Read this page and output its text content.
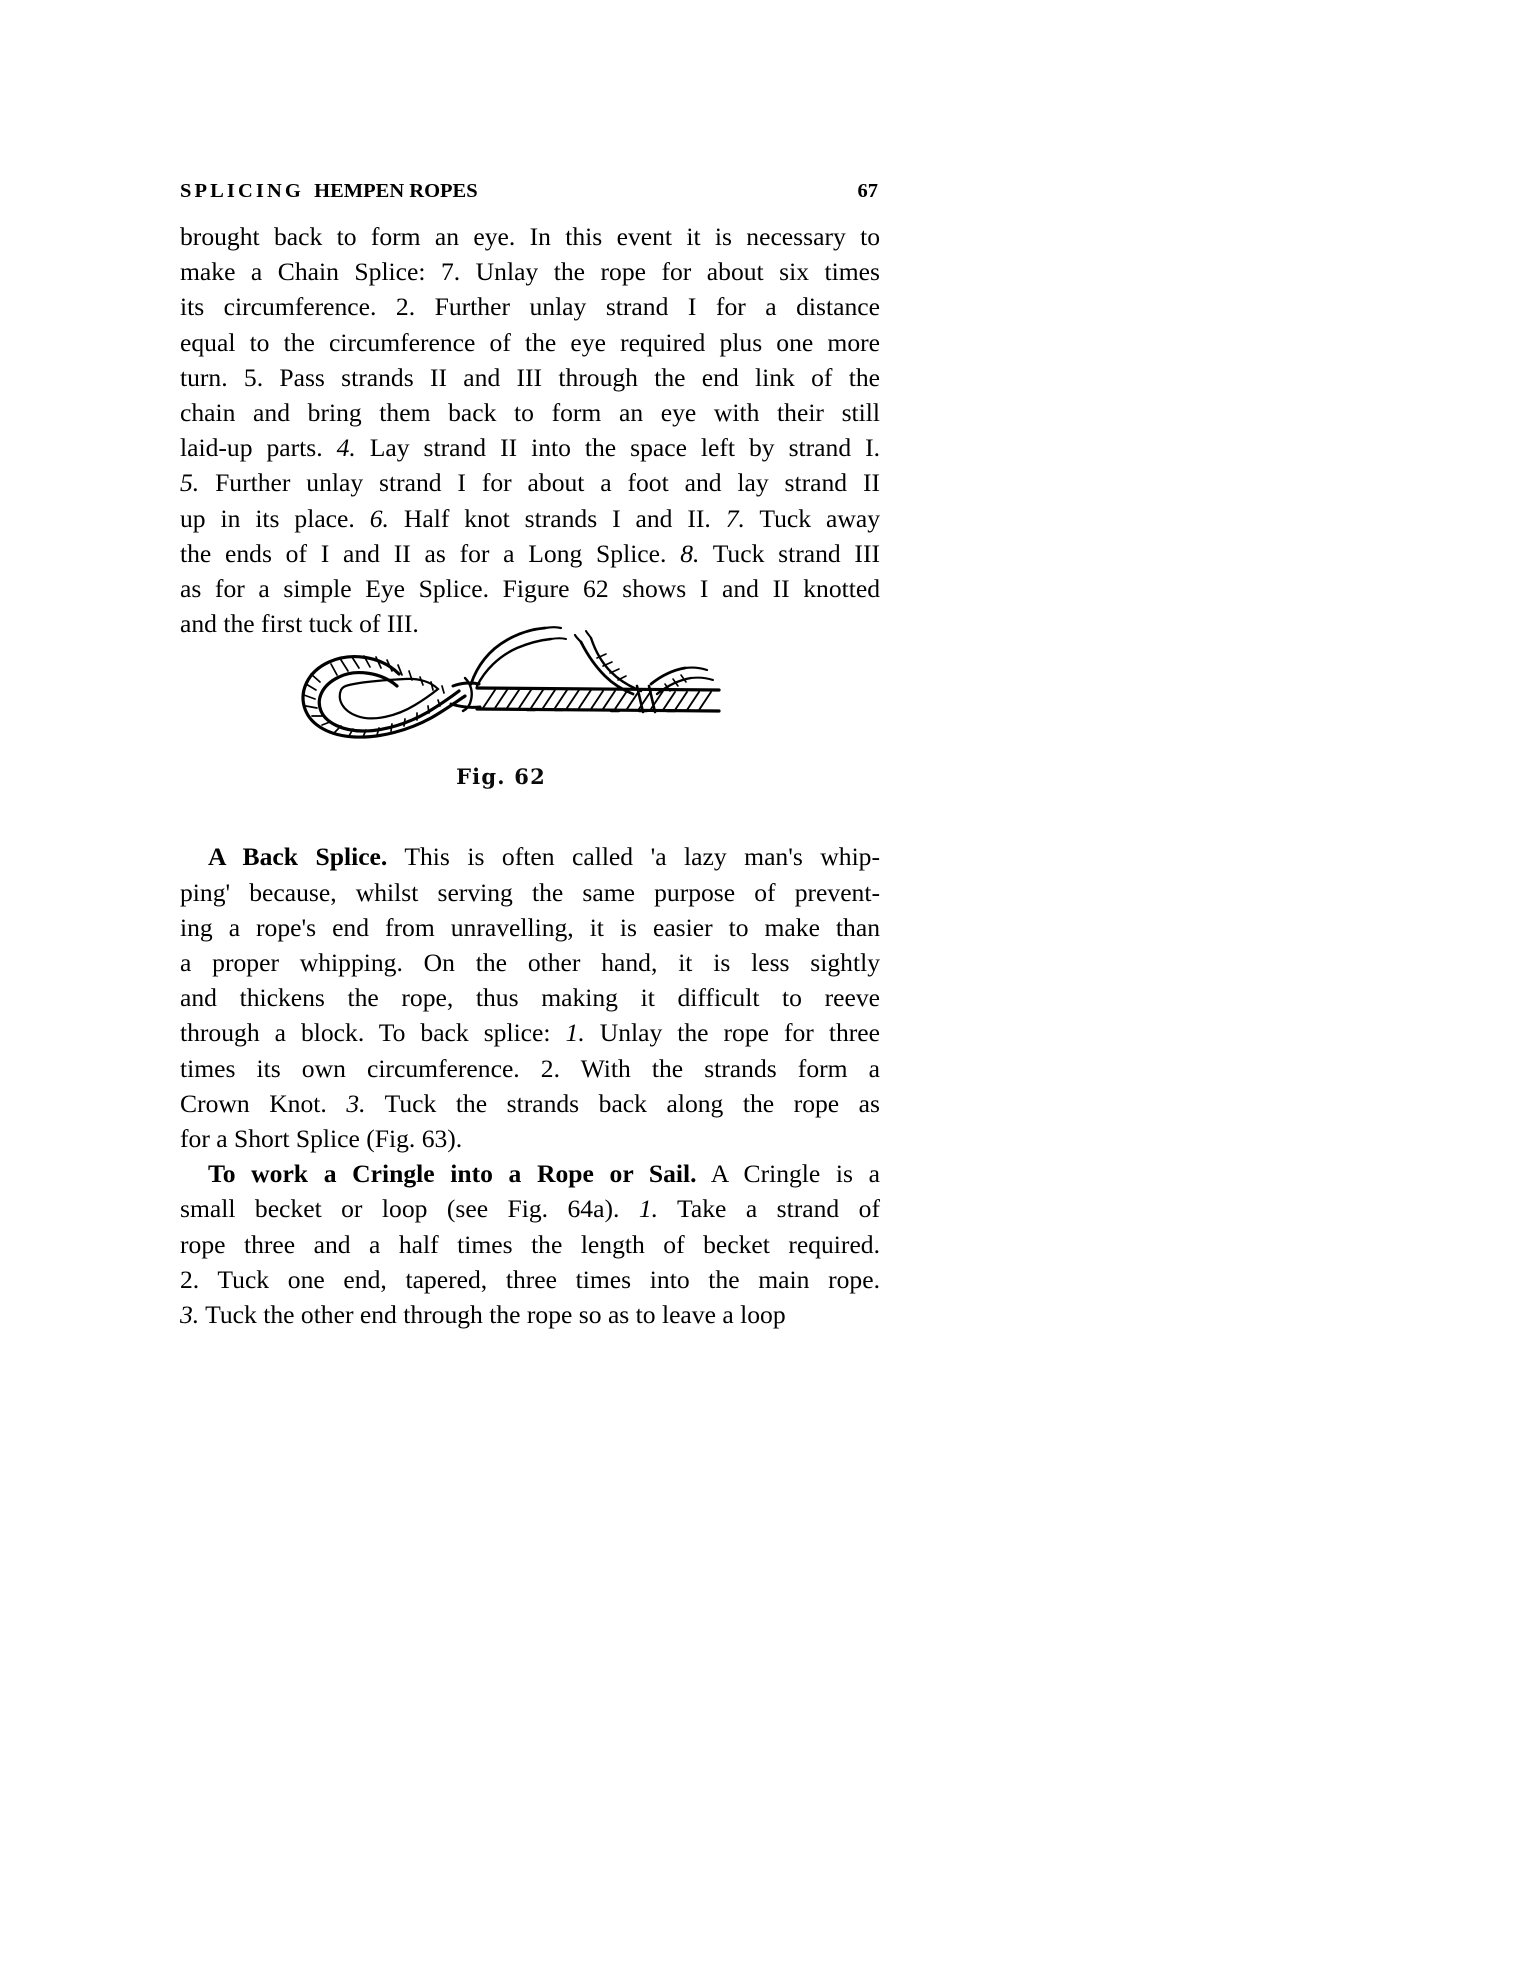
SPLICING  HEMPEN ROPES	67

brought back to form an eye. In this event it is necessary to
make a Chain Splice: 7. Unlay the rope for about six times
its circumference. 2. Further unlay strand I for a distance
equal to the circumference of the eye required plus one more
turn. 5. Pass strands II and III through the end link of the
chain and bring them back to form an eye with their still
laid-up parts. 4. Lay strand II into the space left by strand I.
5. Further unlay strand I for about a foot and lay strand II
up in its place. 6. Half knot strands I and II. 7. Tuck away
the ends of I and II as for a Long Splice. 8. Tuck strand III
as for a simple Eye Splice. Figure 62 shows I and II knotted
and the first tuck of III.

A Back Splice. This is often called 'a lazy man's whip-
ping' because, whilst serving the same purpose of prevent-
ing a rope's end from unravelling, it is easier to make than
a proper whipping. On the other hand, it is less sightly
and thickens the rope, thus making it difficult to reeve
through a block. To back splice: 1. Unlay the rope for three
times its own circumference. 2. With the strands form a
Crown Knot. 3. Tuck the strands back along the rope as
for a Short Splice (Fig. 63).

To work a Cringle into a Rope or Sail. A Cringle is a
small becket or loop (see Fig. 64a). 1. Take a strand of
rope three and a half times the length of becket required.
2. Tuck one end, tapered, three times into the main rope.
3. Tuck the other end through the rope so as to leave a loop

Fig. 62
